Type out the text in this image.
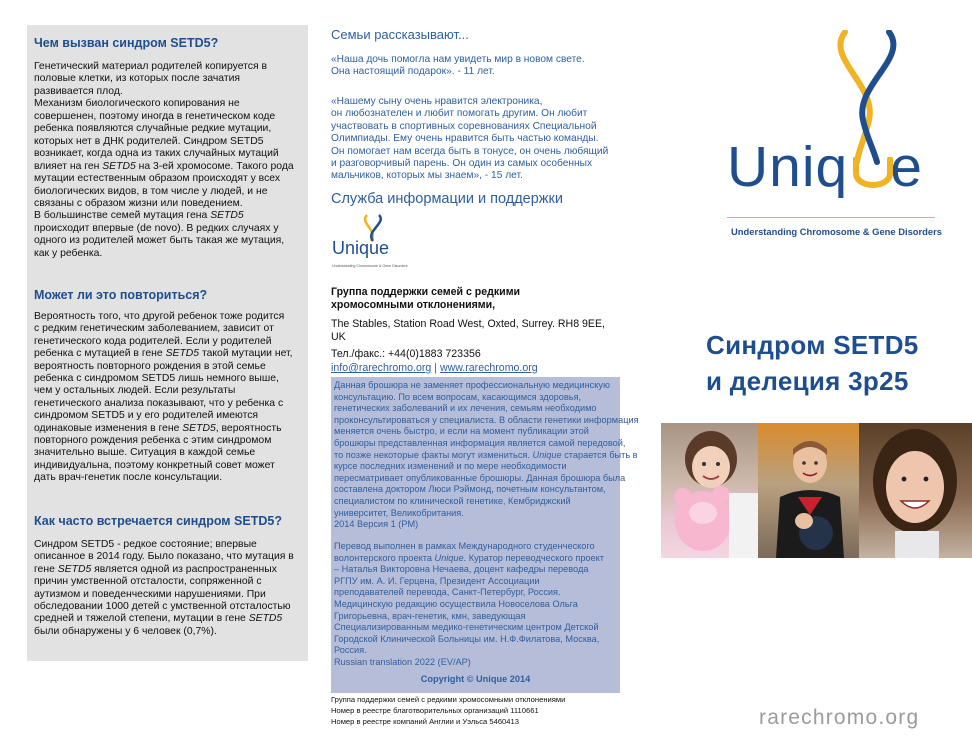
Чем вызван синдром SETD5?
Генетический материал родителей копируется в
половые клетки, из которых после зачатия
развивается плод.
Механизм биологического копирования не
совершенен, поэтому иногда в генетическом коде
ребенка появляются случайные редкие мутации,
которых нет в ДНК родителей. Синдром SETD5
возникает, когда одна из таких случайных мутаций
влияет на ген SETD5 на 3-ей хромосоме. Такого рода
мутации естественным образом происходят у всех
биологических видов, в том числе у людей, и не
связаны с образом жизни или поведением.
В большинстве семей мутация гена SETD5
происходит впервые (de novo). В редких случаях у
одного из родителей может быть такая же мутация,
как у ребенка.
Может ли это повториться?
Вероятность того, что другой ребенок тоже родится
с редким генетическим заболеванием, зависит от
генетического кода родителей. Если у родителей
ребенка с мутацией в гене SETD5 такой мутации нет,
вероятность повторного рождения в этой семье
ребенка с синдромом SETD5 лишь немного выше,
чем у остальных людей. Если результаты
генетического анализа показывают, что у ребенка с
синдромом SETD5 и у его родителей имеются
одинаковые изменения в гене SETD5, вероятность
повторного рождения ребенка с этим синдромом
значительно выше. Ситуация в каждой семье
индивидуальна, поэтому конкретный совет может
дать врач-генетик после консультации.
Как часто встречается синдром SETD5?
Синдром SETD5 - редкое состояние; впервые
описанное в 2014 году. Было показано, что мутация в
гене SETD5 является одной из распространенных
причин умственной отсталости, сопряженной с
аутизмом и поведенческими нарушениями. При
обследовании 1000 детей с умственной отсталостью
средней и тяжелой степени, мутации в гене SETD5
были обнаружены у 6 человек (0,7%).
Семьи рассказывают...
«Наша дочь помогла нам увидеть мир в новом свете.
Она настоящий подарок». - 11 лет.
«Нашему сыну очень нравится электроника,
он любознателен и любит помогать другим. Он любит
участвовать в спортивных соревнованиях Специальной
Олимпиады. Ему очень нравится быть частью команды.
Он помогает нам всегда быть в тонусе, он очень любящий
и разговорчивый парень. Он один из самых особенных
мальчиков, которых мы знаем», - 15 лет.
Служба информации и поддержки
Unique
Understanding Chromosome & Gene Disorders
Группа поддержки семей с редкими
хромосомными отклонениями,
The Stables, Station Road West, Oxted, Surrey. RH8 9EE,
UK
Тел./факс.: +44(0)1883 723356
info@rarechromo.org | www.rarechromo.org
Данная брошюра не заменяет профессиональную медицинскую
консультацию. По всем вопросам, касающимся здоровья,
генетических заболеваний и их лечения, семьям необходимо
проконсультироваться у специалиста. В области генетики информация
меняется очень быстро, и если на момент публикации этой
брошюры представленная информация является самой передовой,
то позже некоторые факты могут измениться. Unique старается быть в
курсе последних изменений и по мере необходимости
пересматривает опубликованные брошюры. Данная брошюра была
составлена доктором Люси Рэймонд, почетным консультантом,
специалистом по клинической генетике, Кембриджский
университет, Великобритания.
2014 Версия 1 (PM)
Перевод выполнен в рамках Международного студенческого
волонтерского проекта Unique. Куратор переводческого проект
– Наталья Викторовна Нечаева, доцент кафедры перевода
РГПУ им. А. И. Герцена, Президент Ассоциации
преподавателей перевода, Санкт-Петербург, Россия.
Медицинскую редакцию осуществила Новоселова Ольга
Григорьевна, врач-генетик, кмн, заведующая
Специализированным медико-генетическим центром Детской
Городской Клинической Больницы им. Н.Ф.Филатова, Москва,
Россия.
Russian translation 2022 (EV/AP)
Copyright © Unique 2014
Группа поддержки семей с редкими хромосомными отклонениями
Номер в реестре благотворительных организаций 1110661
Номер в реестре компаний Англии и Уэльса 5460413
Uniq e
Understanding Chromosome & Gene Disorders
Синдром SETD5
и делеция 3p25
rarechromo.org
